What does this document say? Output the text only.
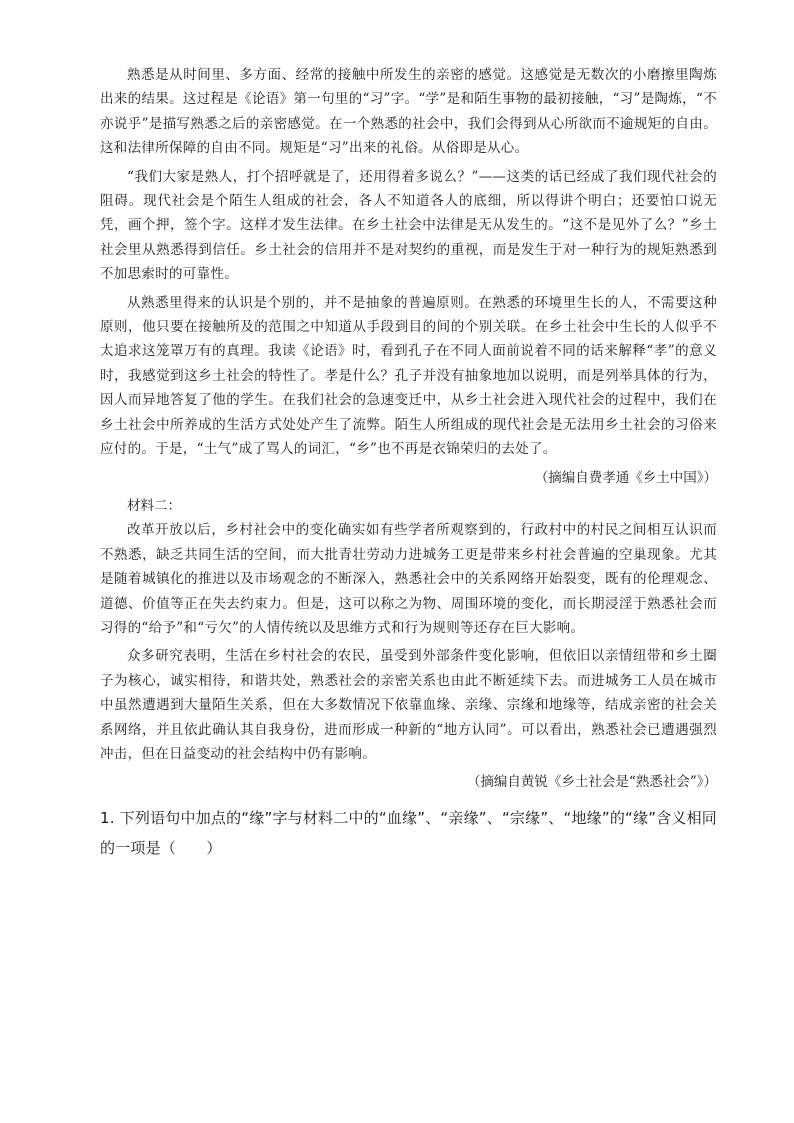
熟悉是从时间里、多方面、经常的接触中所发生的亲密的感觉。这感觉是无数次的小磨擦里陶炼出来的结果。这过程是《论语》第一句里的“习”字。“学”是和陌生事物的最初接触，“习”是陶炼，“不亦说乎”是描写熟悉之后的亲密感觉。在一个熟悉的社会中，我们会得到从心所欲而不逾规矩的自由。这和法律所保障的自由不同。规矩是“习”出来的礼俗。从俗即是从心。

“我们大家是熟人，打个招呼就是了，还用得着多说么？”——这类的话已经成了我们现代社会的阻碍。现代社会是个陌生人组成的社会，各人不知道各人的底细，所以得讲个明白；还要怕口说无凭，画个押，签个字。这样才发生法律。在乡土社会中法律是无从发生的。“这不是见外了么？”乡土社会里从熟悉得到信任。乡土社会的信用并不是对契约的重视，而是发生于对一种行为的规矩熟悉到不加思索时的可靠性。

从熟悉里得来的认识是个别的，并不是抽象的普遍原则。在熟悉的环境里生长的人，不需要这种原则，他只要在接触所及的范围之中知道从手段到目的间的个别关联。在乡土社会中生长的人似乎不太追求这笼罩万有的真理。我读《论语》时，看到孔子在不同人面前说着不同的话来解释“孝”的意义时，我感觉到这乡土社会的特性了。孝是什么？孔子并没有抽象地加以说明，而是列举具体的行为，因人而异地答复了他的学生。在我们社会的急速变迁中，从乡土社会进入现代社会的过程中，我们在乡土社会中所养成的生活方式处处产生了流弊。陌生人所组成的现代社会是无法用乡土社会的习俗来应付的。于是，“土气”成了骂人的词汇，“乡”也不再是衣锦荣归的去处了。

（摘编自费孝通《乡土中国》）

材料二：

改革开放以后，乡村社会中的变化确实如有些学者所观察到的，行政村中的村民之间相互认识而不熟悉，缺乏共同生活的空间，而大批青壮劳动力进城务工更是带来乡村社会普遍的空巢现象。尤其是随着城镇化的推进以及市场观念的不断深入，熟悉社会中的关系网络开始裂变，既有的伦理观念、道德、价值等正在失去约束力。但是，这可以称之为物、周围环境的变化，而长期浸淫于熟悉社会而习得的“给予”和“亏欠”的人情传统以及思维方式和行为规则等还存在巨大影响。

众多研究表明，生活在乡村社会的农民，虽受到外部条件变化影响，但依旧以亲情纽带和乡土圈子为核心，诚实相待，和谐共处，熟悉社会的亲密关系也由此不断延续下去。而进城务工人员在城市中虽然遭遇到大量陌生关系，但在大多数情况下依靠血缘、亲缘、宗缘和地缘等，结成亲密的社会关系网络，并且依此确认其自我身份，进而形成一种新的“地方认同”。可以看出，熟悉社会已遭遇强烈冲击，但在日益变动的社会结构中仍有影响。

（摘编自黄锐《乡土社会是“熟悉社会”》）

1. 下列语句中加点的“缘”字与材料二中的“血缘”、“亲缘”、“宗缘”、“地缘”的“缘”含义相同的一项是（　　）
